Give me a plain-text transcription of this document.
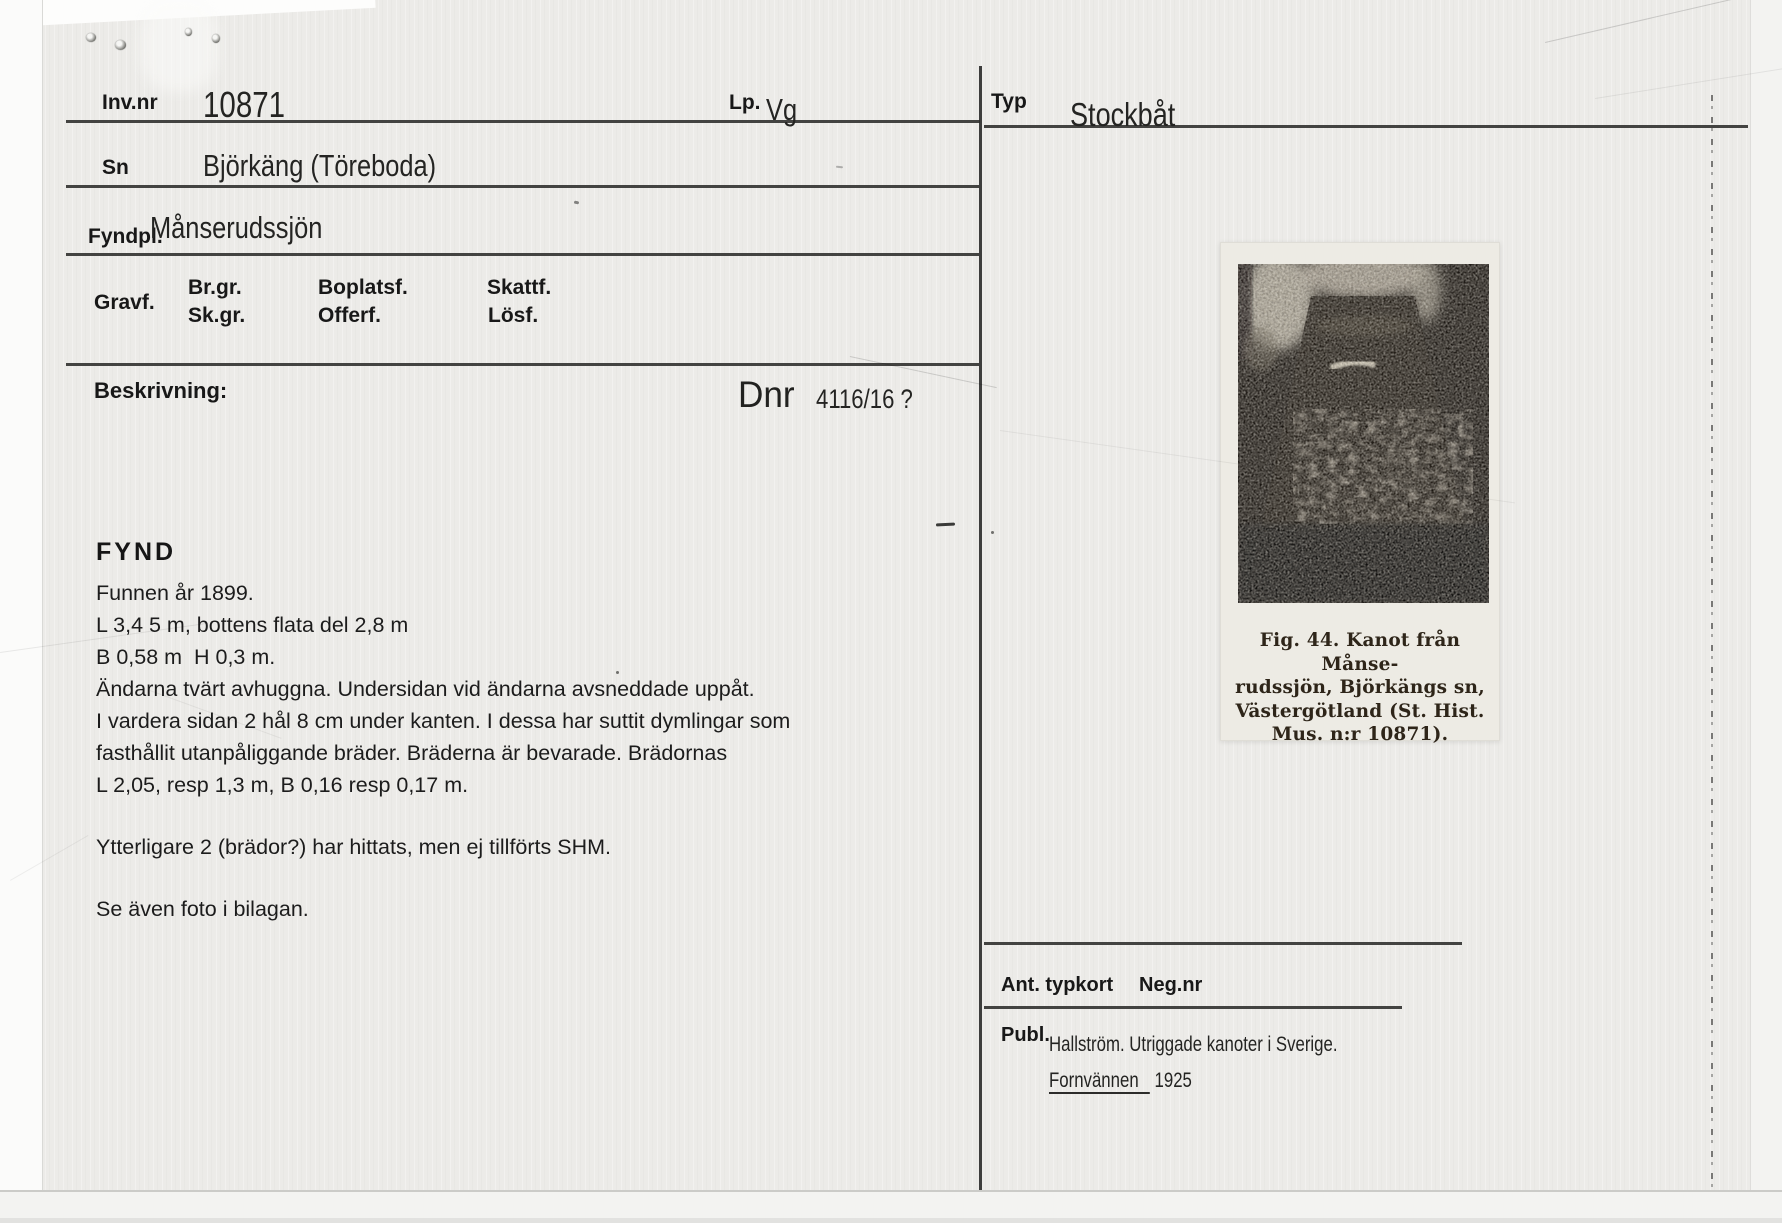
Inv.nr 10871	Lp. Vg
Sn Björkäng (Töreboda)
Fyndpl.
Månserudssjön
Gravf.
Br.gr.
Sk.gr.
Boplatsf.
Offerf.
Skattf.
Lösf.
Beskrivning:	Dnr 4116/16 ?
FYND
Funnen år 1899.
L 3,4 5 m, bottens flata del 2,8 m
B 0,58 m  H 0,3 m.
Ändarna tvärt avhuggna. Undersidan vid ändarna avsneddade uppåt.
I vardera sidan 2 hål 8 cm under kanten. I dessa har suttit dymlingar som
fasthållit utanpåliggande bräder. Bräderna är bevarade. Brädornas
L 2,05, resp 1,3 m, B 0,16 resp 0,17 m.
Ytterligare 2 (brädor?) har hittats, men ej tillförts SHM.
Se även foto i bilagan.
Typ Stockbåt
Fig. 44. Kanot från Månse-
rudssjön, Björkängs sn,
Västergötland (St. Hist.
Mus. n:r 10871).
Ant. typkort Neg.nr
Publ. Hallström. Utriggade kanoter i Sverige.
Fornvännen 1925
